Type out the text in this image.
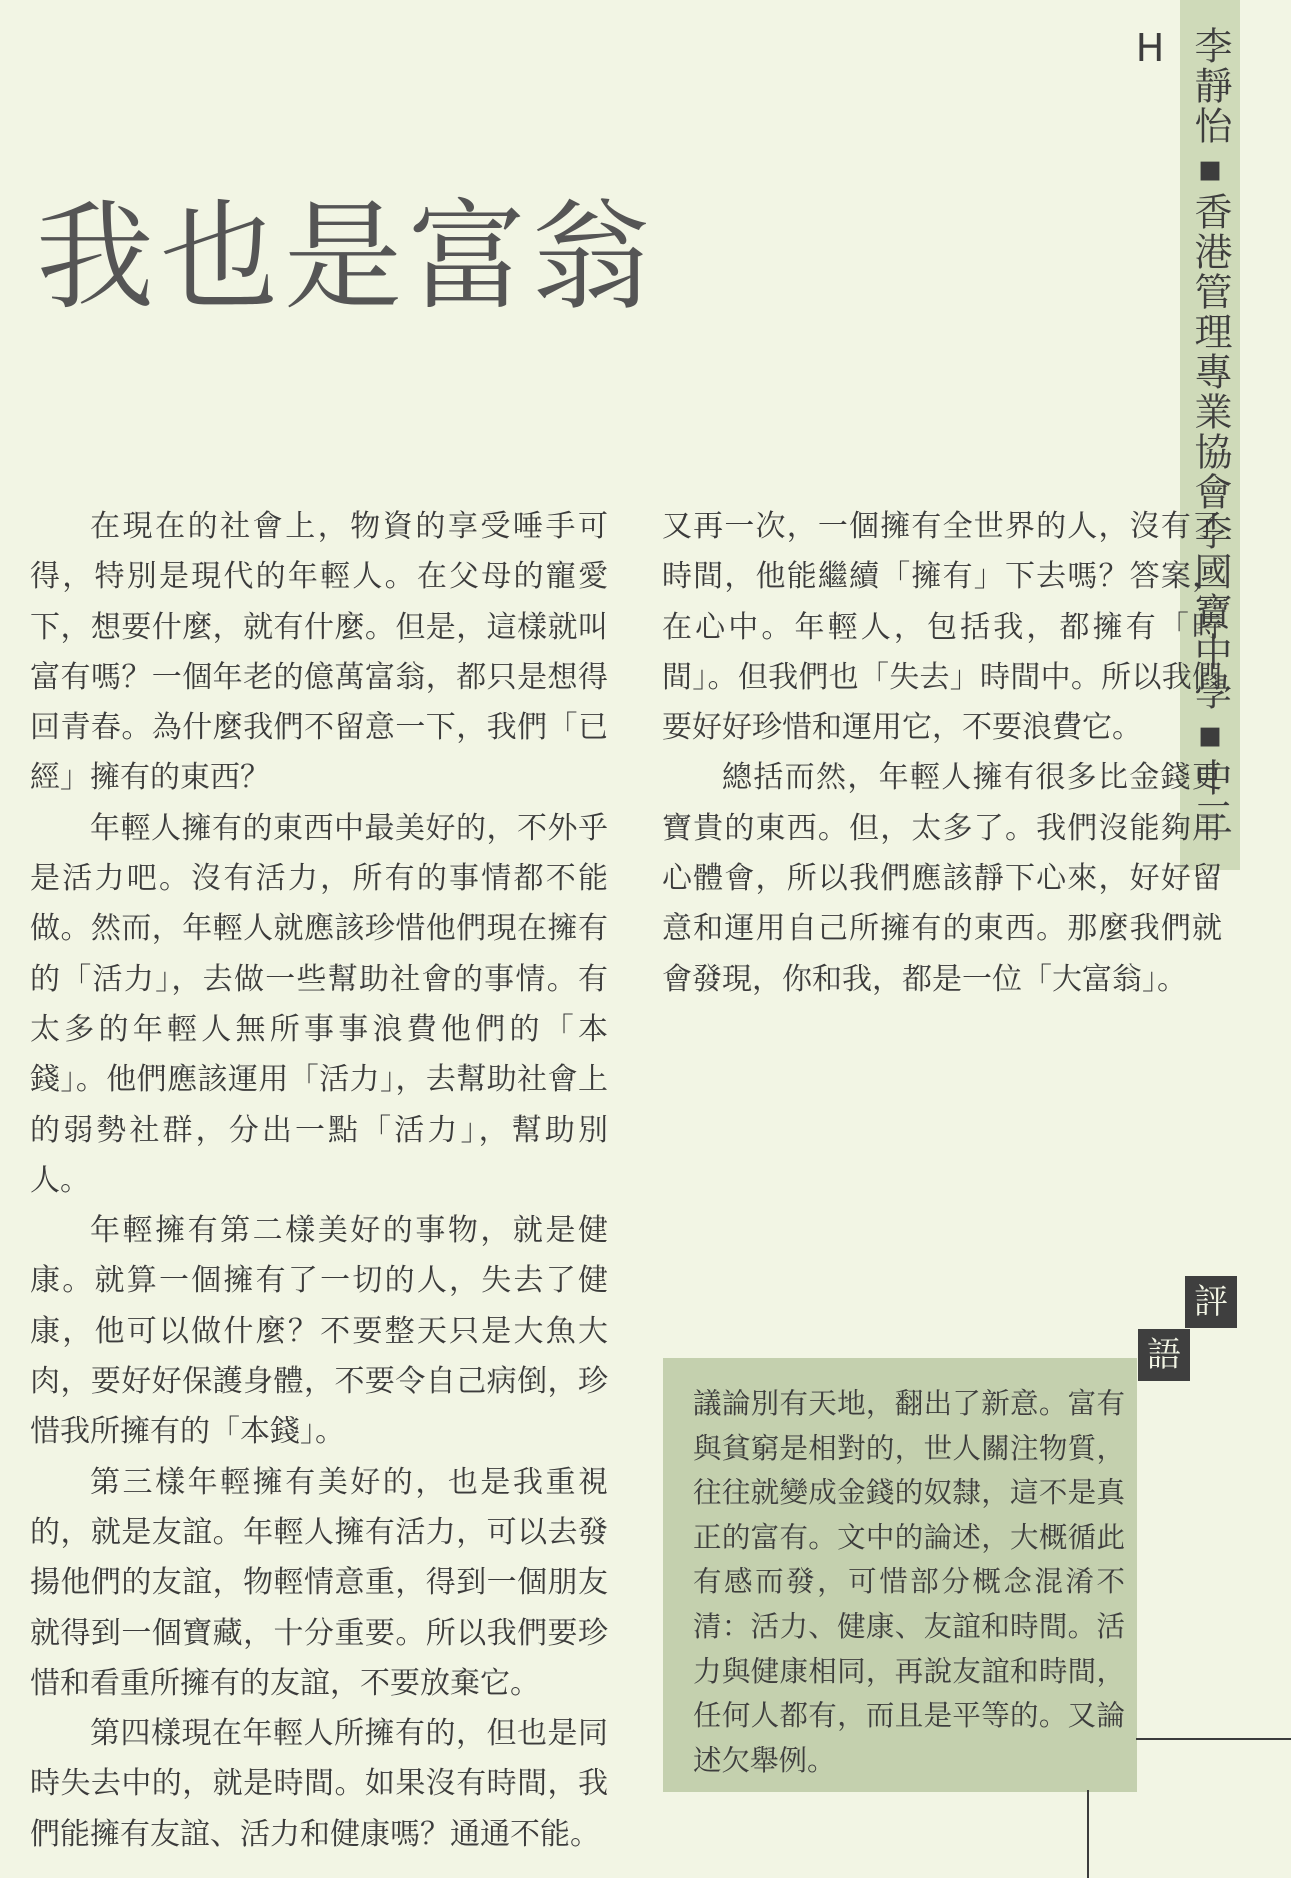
李靜怡▪香港管理專業協會李國寶中學▪中三H
我也是富翁

在現在的社會上，物資的享受唾手可得，特別是現代的年輕人。在父母的寵愛下，想要什麼，就有什麼。但是，這樣就叫富有嗎？一個年老的億萬富翁，都只是想得回青春。為什麼我們不留意一下，我們「已經」擁有的東西？

年輕人擁有的東西中最美好的，不外乎是活力吧。沒有活力，所有的事情都不能做。然而，年輕人就應該珍惜他們現在擁有的「活力」，去做一些幫助社會的事情。有太多的年輕人無所事事浪費他們的「本錢」。他們應該運用「活力」，去幫助社會上的弱勢社群，分出一點「活力」，幫助別人。

年輕擁有第二樣美好的事物，就是健康。就算一個擁有了一切的人，失去了健康，他可以做什麼？不要整天只是大魚大肉，要好好保護身體，不要令自己病倒，珍惜我所擁有的「本錢」。

第三樣年輕擁有美好的，也是我重視的，就是友誼。年輕人擁有活力，可以去發揚他們的友誼，物輕情意重，得到一個朋友就得到一個寶藏，十分重要。所以我們要珍惜和看重所擁有的友誼，不要放棄它。

第四樣現在年輕人所擁有的，但也是同時失去中的，就是時間。如果沒有時間，我們能擁有友誼、活力和健康嗎？通通不能。

又再一次，一個擁有全世界的人，沒有了時間，他能繼續「擁有」下去嗎？答案，在心中。年輕人，包括我，都擁有「時間」。但我們也「失去」時間中。所以我們要好好珍惜和運用它，不要浪費它。

總括而然，年輕人擁有很多比金錢更寶貴的東西。但，太多了。我們沒能夠用心體會，所以我們應該靜下心來，好好留意和運用自己所擁有的東西。那麼我們就會發現，你和我，都是一位「大富翁」。

評
語
議論別有天地，翻出了新意。富有與貧窮是相對的，世人關注物質，往往就變成金錢的奴隸，這不是真正的富有。文中的論述，大概循此有感而發，可惜部分概念混淆不清：活力、健康、友誼和時間。活力與健康相同，再說友誼和時間，任何人都有，而且是平等的。又論述欠舉例。
